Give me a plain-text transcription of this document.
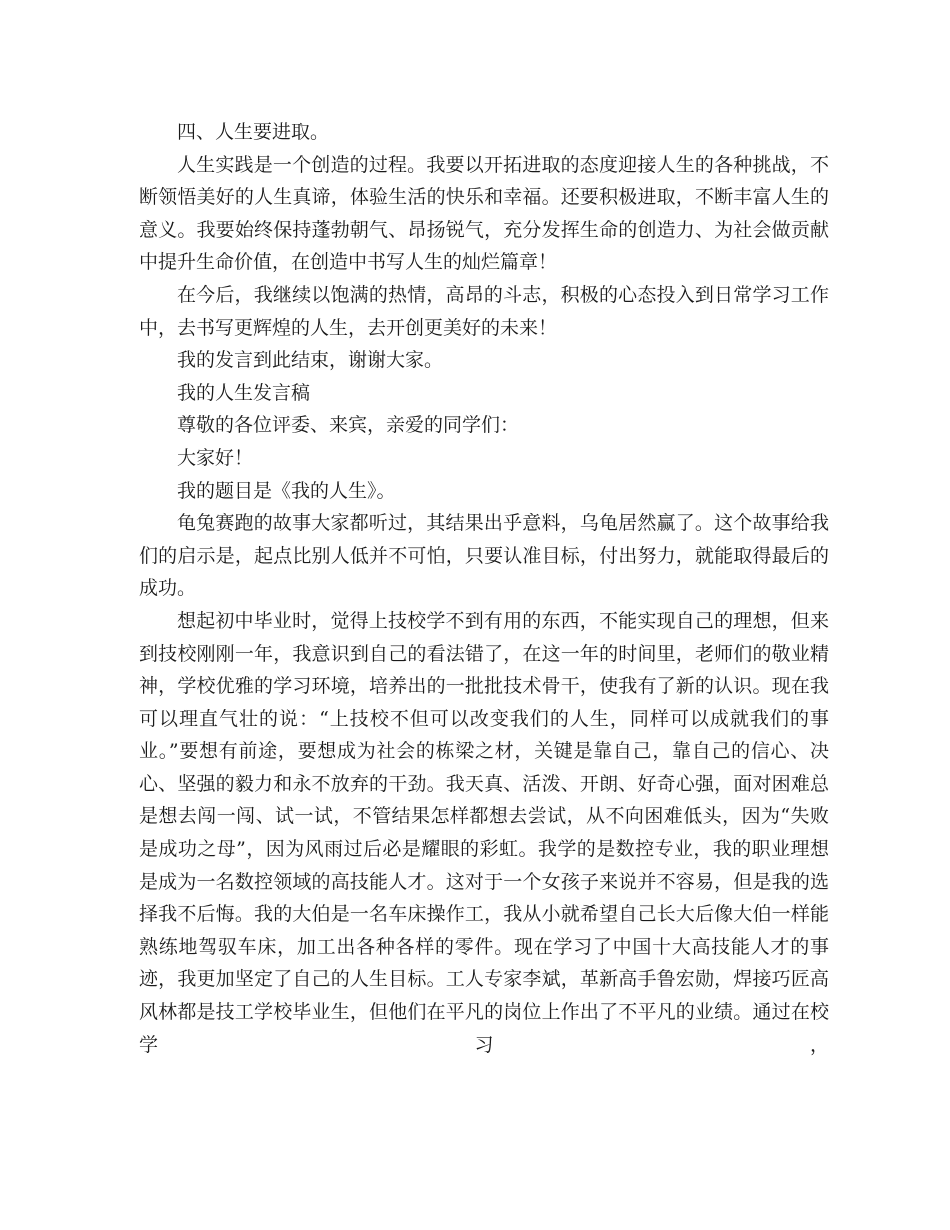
四、人生要进取。

人生实践是一个创造的过程。我要以开拓进取的态度迎接人生的各种挑战，不断领悟美好的人生真谛，体验生活的快乐和幸福。还要积极进取，不断丰富人生的意义。我要始终保持蓬勃朝气、昂扬锐气，充分发挥生命的创造力、为社会做贡献中提升生命价值，在创造中书写人生的灿烂篇章！

在今后，我继续以饱满的热情，高昂的斗志，积极的心态投入到日常学习工作中，去书写更辉煌的人生，去开创更美好的未来！

我的发言到此结束，谢谢大家。

我的人生发言稿

尊敬的各位评委、来宾，亲爱的同学们：

大家好！

我的题目是《我的人生》。

龟兔赛跑的故事大家都听过，其结果出乎意料，乌龟居然赢了。这个故事给我们的启示是，起点比别人低并不可怕，只要认准目标，付出努力，就能取得最后的成功。

想起初中毕业时，觉得上技校学不到有用的东西，不能实现自己的理想，但来到技校刚刚一年，我意识到自己的看法错了，在这一年的时间里，老师们的敬业精神，学校优雅的学习环境，培养出的一批批技术骨干，使我有了新的认识。现在我可以理直气壮的说：“上技校不但可以改变我们的人生，同样可以成就我们的事业。”要想有前途，要想成为社会的栋梁之材，关键是靠自己，靠自己的信心、决心、坚强的毅力和永不放弃的干劲。我天真、活泼、开朗、好奇心强，面对困难总是想去闯一闯、试一试，不管结果怎样都想去尝试，从不向困难低头，因为“失败是成功之母”，因为风雨过后必是耀眼的彩虹。我学的是数控专业，我的职业理想是成为一名数控领域的高技能人才。这对于一个女孩子来说并不容易，但是我的选择我不后悔。我的大伯是一名车床操作工，我从小就希望自己长大后像大伯一样能熟练地驾驭车床，加工出各种各样的零件。现在学习了中国十大高技能人才的事迹，我更加坚定了自己的人生目标。工人专家李斌，革新高手鲁宏勋，焊接巧匠高风林都是技工学校毕业生，但他们在平凡的岗位上作出了不平凡的业绩。通过在校学习，
